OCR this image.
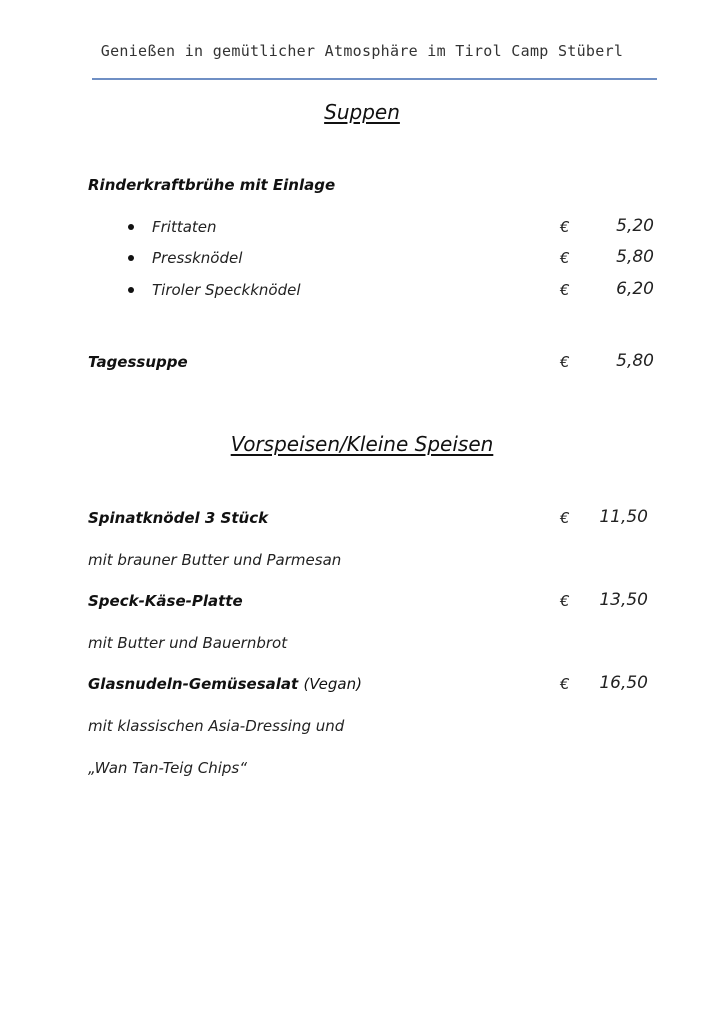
Genießen in gemütlicher Atmosphäre im Tirol Camp Stüberl
Suppen
Rinderkraftbrühe mit Einlage
Frittaten	€	5,20
Pressknödel	€	5,80
Tiroler Speckknödel	€	6,20
Tagessuppe	€	5,80
Vorspeisen/Kleine Speisen
Spinatknödel 3 Stück	€	11,50
mit brauner Butter und Parmesan
Speck-Käse-Platte	€	13,50
mit Butter und Bauernbrot
Glasnudeln-Gemüsesalat (Vegan)	€	16,50
mit klassischen Asia-Dressing und
„Wan Tan-Teig Chips“
